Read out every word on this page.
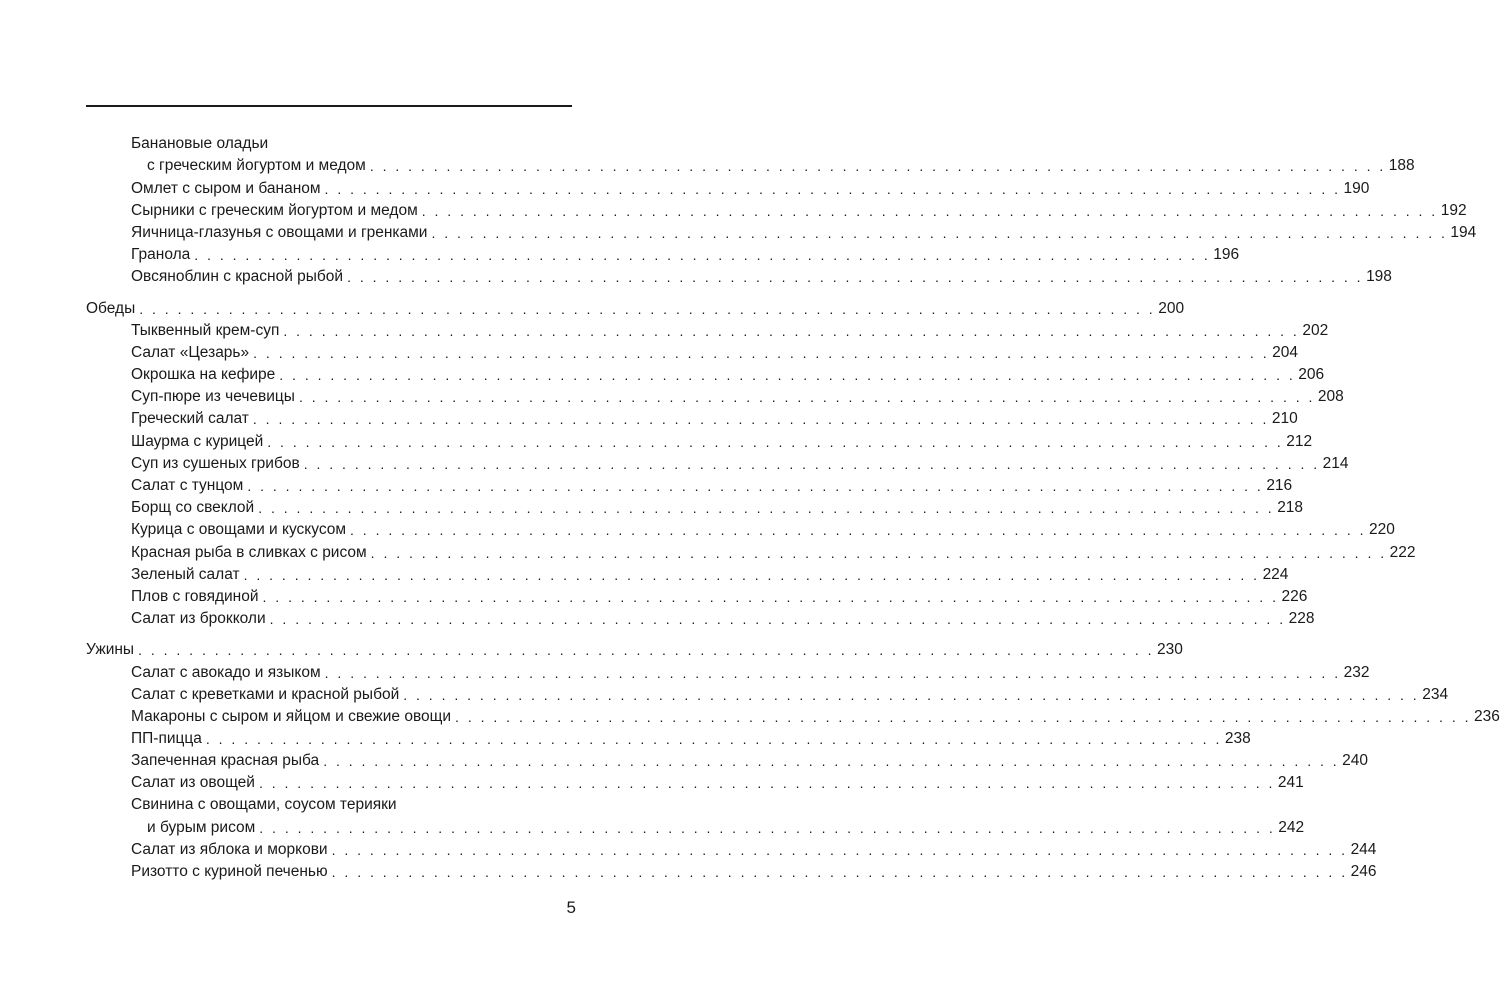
Банановые оладьи
с греческим йогуртом и медом . . . . . . . . . . . . . . . . . . . . . . . . . . . . . . . . . . . . . . . . . . . . . . . . . . . . . . . . . . . . . . . . . . . . . . . . . . . . . . . . 188
Омлет с сыром и бананом . . . . . . . . . . . . . . . . . . . . . . . . . . . . . . . . . . . . . . . . . . . . . . . . . . . . . . . . . . . . . . . . . . . . . . . . . . . . . . . . 190
Сырники с греческим йогуртом и медом . . . . . . . . . . . . . . . . . . . . . . . . . . . . . . . . . . . . . . . . . . . . . . . . . . . . . . . . . . . . . . . . . . . . . . . . . . . . . . . . 192
Яичница-глазунья с овощами и гренками . . . . . . . . . . . . . . . . . . . . . . . . . . . . . . . . . . . . . . . . . . . . . . . . . . . . . . . . . . . . . . . . . . . . . . . . . . . . . . . . 194
Гранола . . . . . . . . . . . . . . . . . . . . . . . . . . . . . . . . . . . . . . . . . . . . . . . . . . . . . . . . . . . . . . . . . . . . . . . . . . . . . . . . 196
Овсяноблин с красной рыбой . . . . . . . . . . . . . . . . . . . . . . . . . . . . . . . . . . . . . . . . . . . . . . . . . . . . . . . . . . . . . . . . . . . . . . . . . . . . . . . . 198
Обеды . . . . . . . . . . . . . . . . . . . . . . . . . . . . . . . . . . . . . . . . . . . . . . . . . . . . . . . . . . . . . . . . . . . . . . . . . . . . . . . . 200
Тыквенный крем-суп . . . . . . . . . . . . . . . . . . . . . . . . . . . . . . . . . . . . . . . . . . . . . . . . . . . . . . . . . . . . . . . . . . . . . . . . . . . . . . . . 202
Салат «Цезарь» . . . . . . . . . . . . . . . . . . . . . . . . . . . . . . . . . . . . . . . . . . . . . . . . . . . . . . . . . . . . . . . . . . . . . . . . . . . . . . . . 204
Окрошка на кефире . . . . . . . . . . . . . . . . . . . . . . . . . . . . . . . . . . . . . . . . . . . . . . . . . . . . . . . . . . . . . . . . . . . . . . . . . . . . . . . . 206
Суп-пюре из чечевицы . . . . . . . . . . . . . . . . . . . . . . . . . . . . . . . . . . . . . . . . . . . . . . . . . . . . . . . . . . . . . . . . . . . . . . . . . . . . . . . . 208
Греческий салат . . . . . . . . . . . . . . . . . . . . . . . . . . . . . . . . . . . . . . . . . . . . . . . . . . . . . . . . . . . . . . . . . . . . . . . . . . . . . . . . 210
Шаурма с курицей . . . . . . . . . . . . . . . . . . . . . . . . . . . . . . . . . . . . . . . . . . . . . . . . . . . . . . . . . . . . . . . . . . . . . . . . . . . . . . . . 212
Суп из сушеных грибов . . . . . . . . . . . . . . . . . . . . . . . . . . . . . . . . . . . . . . . . . . . . . . . . . . . . . . . . . . . . . . . . . . . . . . . . . . . . . . . . 214
Салат с тунцом . . . . . . . . . . . . . . . . . . . . . . . . . . . . . . . . . . . . . . . . . . . . . . . . . . . . . . . . . . . . . . . . . . . . . . . . . . . . . . . . 216
Борщ со свеклой . . . . . . . . . . . . . . . . . . . . . . . . . . . . . . . . . . . . . . . . . . . . . . . . . . . . . . . . . . . . . . . . . . . . . . . . . . . . . . . . 218
Курица с овощами и кускусом . . . . . . . . . . . . . . . . . . . . . . . . . . . . . . . . . . . . . . . . . . . . . . . . . . . . . . . . . . . . . . . . . . . . . . . . . . . . . . . . 220
Красная рыба в сливках с рисом . . . . . . . . . . . . . . . . . . . . . . . . . . . . . . . . . . . . . . . . . . . . . . . . . . . . . . . . . . . . . . . . . . . . . . . . . . . . . . . . 222
Зеленый салат . . . . . . . . . . . . . . . . . . . . . . . . . . . . . . . . . . . . . . . . . . . . . . . . . . . . . . . . . . . . . . . . . . . . . . . . . . . . . . . . 224
Плов с говядиной . . . . . . . . . . . . . . . . . . . . . . . . . . . . . . . . . . . . . . . . . . . . . . . . . . . . . . . . . . . . . . . . . . . . . . . . . . . . . . . . 226
Салат из брокколи . . . . . . . . . . . . . . . . . . . . . . . . . . . . . . . . . . . . . . . . . . . . . . . . . . . . . . . . . . . . . . . . . . . . . . . . . . . . . . . . 228
Ужины . . . . . . . . . . . . . . . . . . . . . . . . . . . . . . . . . . . . . . . . . . . . . . . . . . . . . . . . . . . . . . . . . . . . . . . . . . . . . . . . 230
Салат с авокадо и языком . . . . . . . . . . . . . . . . . . . . . . . . . . . . . . . . . . . . . . . . . . . . . . . . . . . . . . . . . . . . . . . . . . . . . . . . . . . . . . . . 232
Салат с креветками и красной рыбой . . . . . . . . . . . . . . . . . . . . . . . . . . . . . . . . . . . . . . . . . . . . . . . . . . . . . . . . . . . . . . . . . . . . . . . . . . . . . . . . 234
Макароны с сыром и яйцом и свежие овощи . . . . . . . . . . . . . . . . . . . . . . . . . . . . . . . . . . . . . . . . . . . . . . . . . . . . . . . . . . . . . . . . . . . . . . . . . . . . . . . . 236
ПП-пицца . . . . . . . . . . . . . . . . . . . . . . . . . . . . . . . . . . . . . . . . . . . . . . . . . . . . . . . . . . . . . . . . . . . . . . . . . . . . . . . . 238
Запеченная красная рыба . . . . . . . . . . . . . . . . . . . . . . . . . . . . . . . . . . . . . . . . . . . . . . . . . . . . . . . . . . . . . . . . . . . . . . . . . . . . . . . . 240
Салат из овощей . . . . . . . . . . . . . . . . . . . . . . . . . . . . . . . . . . . . . . . . . . . . . . . . . . . . . . . . . . . . . . . . . . . . . . . . . . . . . . . . 241
Свинина с овощами, соусом терияки
и бурым рисом . . . . . . . . . . . . . . . . . . . . . . . . . . . . . . . . . . . . . . . . . . . . . . . . . . . . . . . . . . . . . . . . . . . . . . . . . . . . . . . . 242
Салат из яблока и моркови . . . . . . . . . . . . . . . . . . . . . . . . . . . . . . . . . . . . . . . . . . . . . . . . . . . . . . . . . . . . . . . . . . . . . . . . . . . . . . . . 244
Ризотто с куриной печенью . . . . . . . . . . . . . . . . . . . . . . . . . . . . . . . . . . . . . . . . . . . . . . . . . . . . . . . . . . . . . . . . . . . . . . . . . . . . . . . . 246
5
